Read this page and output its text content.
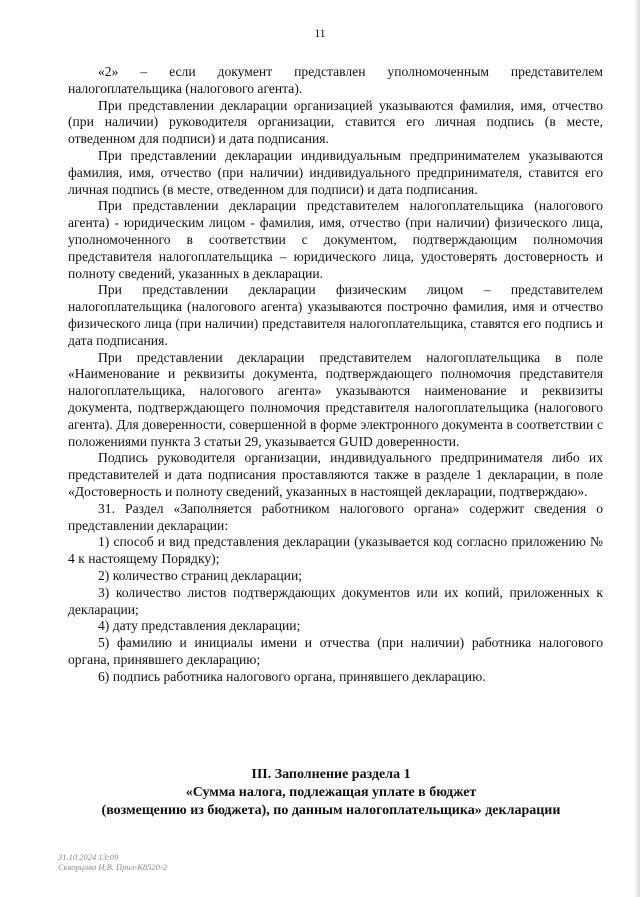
11

«2» – если документ представлен уполномоченным представителем налогоплательщика (налогового агента).

При представлении декларации организацией указываются фамилия, имя, отчество (при наличии) руководителя организации, ставится его личная подпись (в месте, отведенном для подписи) и дата подписания.

При представлении декларации индивидуальным предпринимателем указываются фамилия, имя, отчество (при наличии) индивидуального предпринимателя, ставится его личная подпись (в месте, отведенном для подписи) и дата подписания.

При представлении декларации представителем налогоплательщика (налогового агента) - юридическим лицом - фамилия, имя, отчество (при наличии) физического лица, уполномоченного в соответствии с документом, подтверждающим полномочия представителя налогоплательщика – юридического лица, удостоверять достоверность и полноту сведений, указанных в декларации.

При представлении декларации физическим лицом – представителем налогоплательщика (налогового агента) указываются построчно фамилия, имя и отчество физического лица (при наличии) представителя налогоплательщика, ставятся его подпись и дата подписания.

При представлении декларации представителем налогоплательщика в поле «Наименование и реквизиты документа, подтверждающего полномочия представителя налогоплательщика, налогового агента» указываются наименование и реквизиты документа, подтверждающего полномочия представителя налогоплательщика (налогового агента). Для доверенности, совершенной в форме электронного документа в соответствии с положениями пункта 3 статьи 29, указывается GUID доверенности.

Подпись руководителя организации, индивидуального предпринимателя либо их представителей и дата подписания проставляются также в разделе 1 декларации, в поле «Достоверность и полноту сведений, указанных в настоящей декларации, подтверждаю».

31. Раздел «Заполняется работником налогового органа» содержит сведения о представлении декларации:

1) способ и вид представления декларации (указывается код согласно приложению № 4 к настоящему Порядку);

2) количество страниц декларации;

3) количество листов подтверждающих документов или их копий, приложенных к декларации;

4) дату представления декларации;

5) фамилию и инициалы имени и отчества (при наличии) работника налогового органа, принявшего декларацию;

6) подпись работника налогового органа, принявшего декларацию.

III. Заполнение раздела 1
«Сумма налога, подлежащая уплате в бюджет
(возмещению из бюджета), по данным налогоплательщика» декларации
31.10.2024 13:09
Скворцова Н.В. Прил-К8520-2
